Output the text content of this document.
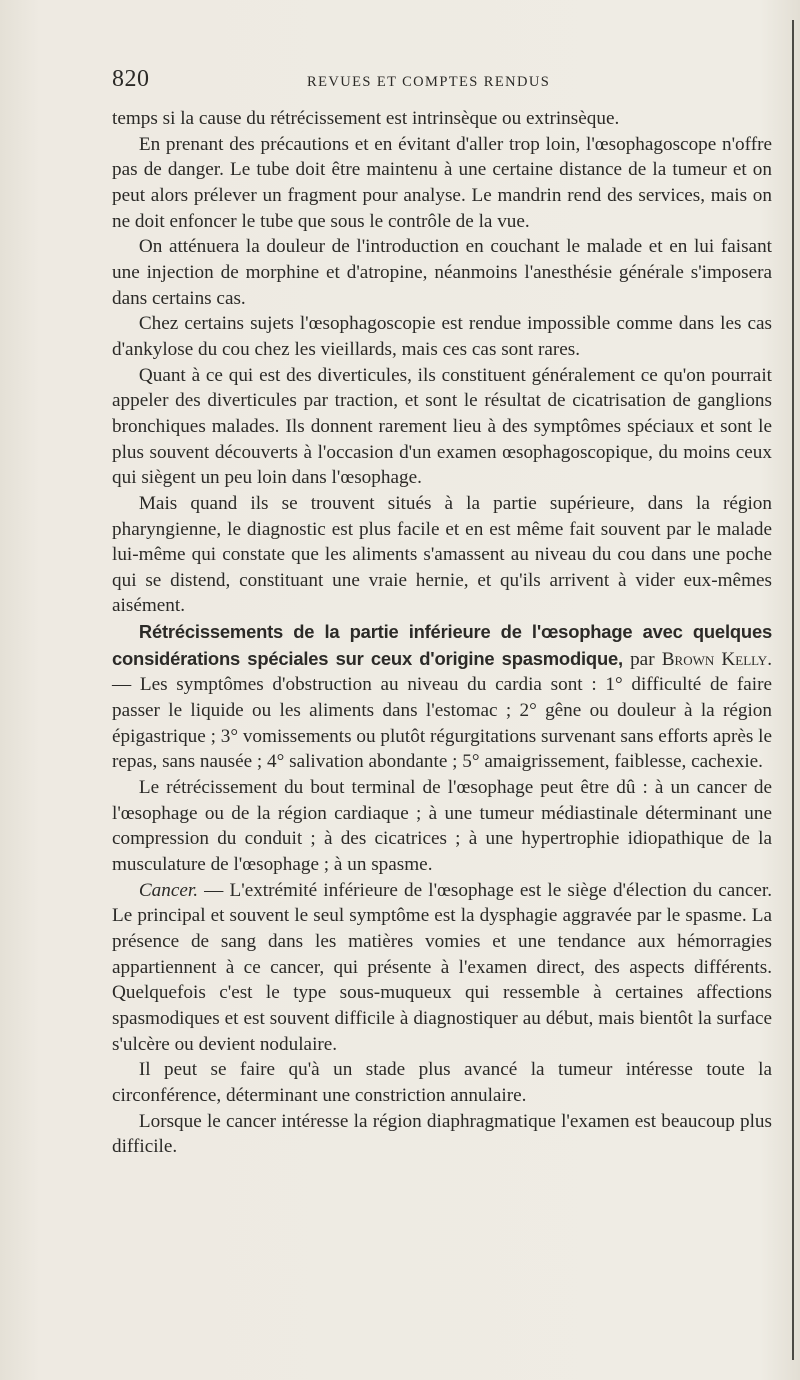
820	REVUES ET COMPTES RENDUS

temps si la cause du rétrécissement est intrinsèque ou extrinsèque.

En prenant des précautions et en évitant d'aller trop loin, l'œsophagoscope n'offre pas de danger. Le tube doit être maintenu à une certaine distance de la tumeur et on peut alors prélever un fragment pour analyse. Le mandrin rend des services, mais on ne doit enfoncer le tube que sous le contrôle de la vue.

On atténuera la douleur de l'introduction en couchant le malade et en lui faisant une injection de morphine et d'atropine, néanmoins l'anesthésie générale s'imposera dans certains cas.

Chez certains sujets l'œsophagoscopie est rendue impossible comme dans les cas d'ankylose du cou chez les vieillards, mais ces cas sont rares.

Quant à ce qui est des diverticules, ils constituent généralement ce qu'on pourrait appeler des diverticules par traction, et sont le résultat de cicatrisation de ganglions bronchiques malades. Ils donnent rarement lieu à des symptômes spéciaux et sont le plus souvent découverts à l'occasion d'un examen œsophagoscopique, du moins ceux qui siègent un peu loin dans l'œsophage.

Mais quand ils se trouvent situés à la partie supérieure, dans la région pharyngienne, le diagnostic est plus facile et en est même fait souvent par le malade lui-même qui constate que les aliments s'amassent au niveau du cou dans une poche qui se distend, constituant une vraie hernie, et qu'ils arrivent à vider eux-mêmes aisément.

Rétrécissements de la partie inférieure de l'œsophage avec quelques considérations spéciales sur ceux d'origine spasmodique, par Brown Kelly. — Les symptômes d'obstruction au niveau du cardia sont : 1° difficulté de faire passer le liquide ou les aliments dans l'estomac ; 2° gêne ou douleur à la région épigastrique ; 3° vomissements ou plutôt régurgitations survenant sans efforts après le repas, sans nausée ; 4° salivation abondante ; 5° amaigrissement, faiblesse, cachexie.

Le rétrécissement du bout terminal de l'œsophage peut être dû : à un cancer de l'œsophage ou de la région cardiaque ; à une tumeur médiastinale déterminant une compression du conduit ; à des cicatrices ; à une hypertrophie idiopathique de la musculature de l'œsophage ; à un spasme.

Cancer. — L'extrémité inférieure de l'œsophage est le siège d'élection du cancer. Le principal et souvent le seul symptôme est la dysphagie aggravée par le spasme. La présence de sang dans les matières vomies et une tendance aux hémorragies appartiennent à ce cancer, qui présente à l'examen direct, des aspects différents. Quelquefois c'est le type sous-muqueux qui ressemble à certaines affections spasmodiques et est souvent difficile à diagnostiquer au début, mais bientôt la surface s'ulcère ou devient nodulaire.

Il peut se faire qu'à un stade plus avancé la tumeur intéresse toute la circonférence, déterminant une constriction annulaire.

Lorsque le cancer intéresse la région diaphragmatique l'examen est beaucoup plus difficile.
